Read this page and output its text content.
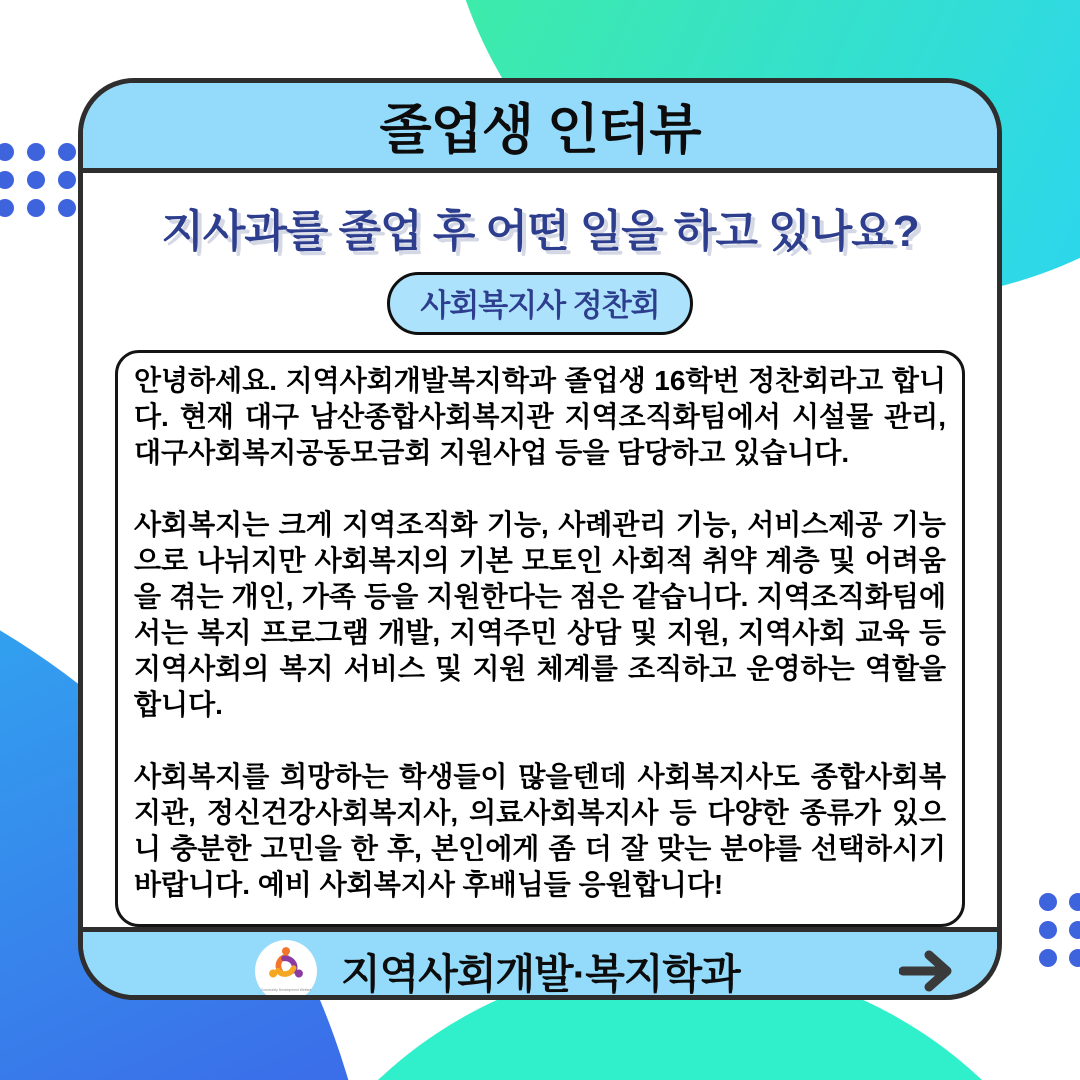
졸업생 인터뷰
지사과를 졸업 후 어떤 일을 하고 있나요?
사회복지사 정찬회

안녕하세요. 지역사회개발복지학과 졸업생 16학번 정찬회라고 합니다. 현재 대구 남산종합사회복지관 지역조직화팀에서 시설물 관리, 대구사회복지공동모금회 지원사업 등을 담당하고 있습니다.

사회복지는 크게 지역조직화 기능, 사례관리 기능, 서비스제공 기능으로 나뉘지만 사회복지의 기본 모토인 사회적 취약 계층 및 어려움을 겪는 개인, 가족 등을 지원한다는 점은 같습니다. 지역조직화팀에서는 복지 프로그램 개발, 지역주민 상담 및 지원, 지역사회 교육 등 지역사회의 복지 서비스 및 지원 체계를 조직하고 운영하는 역할을 합니다.

사회복지를 희망하는 학생들이 많을텐데 사회복지사도 종합사회복지관, 정신건강사회복지사, 의료사회복지사 등 다양한 종류가 있으니 충분한 고민을 한 후, 본인에게 좀 더 잘 맞는 분야를 선택하시기 바랍니다. 예비 사회복지사 후배님들 응원합니다!

Community Development Welfare 지역사회개발·복지학과
